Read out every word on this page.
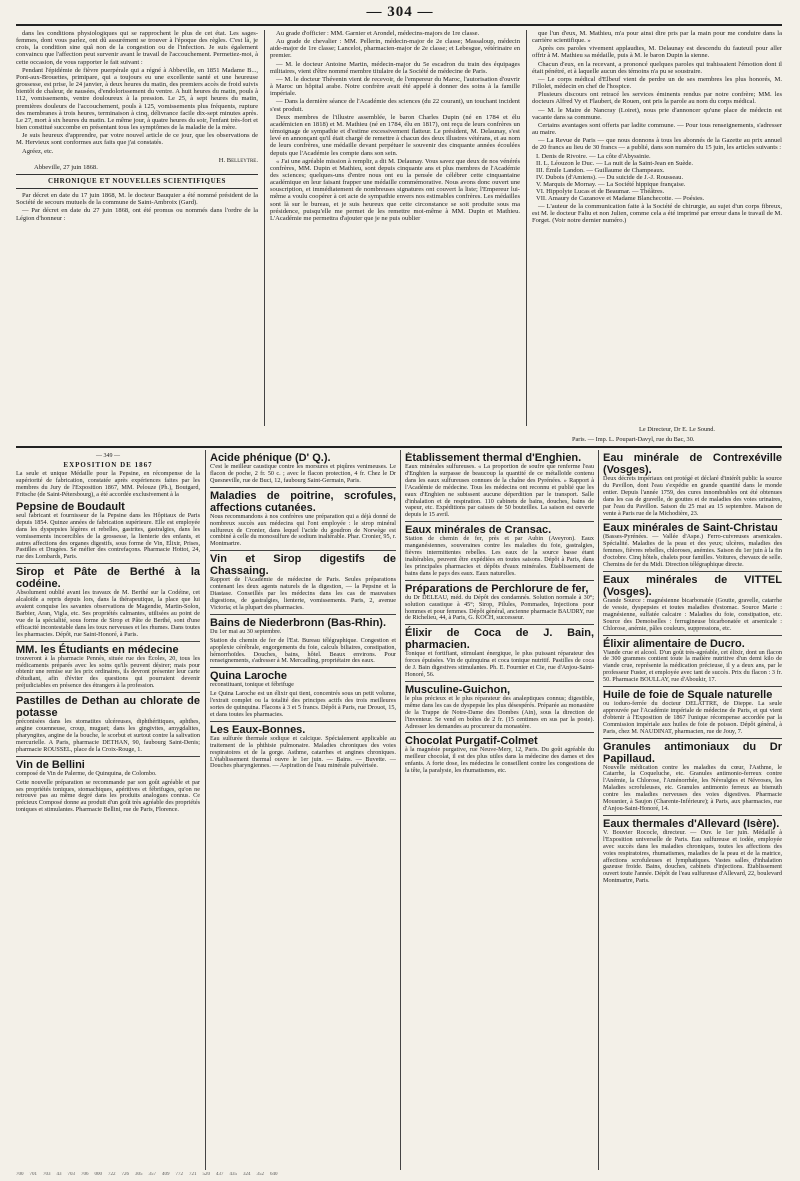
— 304 —

dans les conditions physiologiques qui se rapprochent le plus de cet état. Les sages-femmes, dont vous parlez, ont dû assurément se trouver à l'époque des règles. C'est là, je crois, la condition sine quâ non de la congestion ou de l'infection. Je suis également convaincu que l'affection peut survenir avant le travail de l'accouchement. Permettez-moi, à cette occasion, de vous rapporter le fait suivant :

Pendant l'épidémie de fièvre puerpérale qui a régné à Abbeville, en 1851 Madame B..., Pont-aux-Brouettes, primipare, qui a toujours eu une excellente santé et une heureuse grossesse, est prise, le 24 janvier, à deux heures du matin, des premiers accès de froid suivis bientôt de chaleur, de nausées, d'endolorissement du ventre. A huit heures du matin, pouls à 112, vomissements, ventre douloureux à la pression. Le 25, à sept heures du matin, premières douleurs de l'accouchement, pouls à 125, vomissements plus fréquents, rupture des membranes à trois heures, terminaison à cinq, délivrance facile dix-sept minutes après. Le 27, mort à six heures du matin. Le même jour, à quatre heures du soir, l'enfant très-fort et bien constitué succombe en présentant tous les symptômes de la maladie de la mère.

Je suis heureux d'apprendre, par votre nouvel article de ce jour, que les observations de M. Hervieux sont conformes aux faits que j'ai constatés.

Agréez, etc.

H. Belleytre.
Abbeville, 27 juin 1868.
CHRONIQUE ET NOUVELLES SCIENTIFIQUES

Par décret en date du 17 juin 1868, M. le docteur Bauquier a été nommé président de la Société de secours mutuels de la commune de Saint-Ambroix (Gard).

— Par décret en date du 27 juin 1868, ont été promus ou nommés dans l'ordre de la Légion d'honneur :

Au grade d'officier : MM. Garnier et Arondel, médecins-majors de 1re classe.

Au grade de chevalier : MM. Pellerin, médecin-major de 2e classe; Massaloup, médecin aide-major de 1re classe; Lancelot, pharmacien-major de 2e classe; et Lebesgue, vétérinaire en premier.

— M. le docteur Antoine Martin, médecin-major du 5e escadron du train des équipages militaires, vient d'être nommé membre titulaire de la Société de médecine de Paris.

— M. le docteur Thévenin vient de recevoir, de l'empereur du Maroc, l'autorisation d'ouvrir à Maroc un hôpital arabe. Notre confrère avait été appelé à donner des soins à la famille impériale.

— Dans la dernière séance de l'Académie des sciences (du 22 courant), un touchant incident s'est produit.

Deux membres de l'illustre assemblée, le baron Charles Dupin (né en 1784 et élu académicien en 1818) et M. Mathieu (né en 1784, élu en 1817), ont reçu de leurs confrères un témoignage de sympathie et d'estime excessivement flatteur. Le président, M. Delaunay, s'est levé en annonçant qu'il était chargé de remettre à chacun des deux illustres vétérans, et au nom de leurs confrères, une médaille devant perpétuer le souvenir des cinquante années écoulées depuis que l'Académie les compte dans son sein.

« J'ai une agréable mission à remplir, a dit M. Delaunay. Vous savez que deux de nos vénérés confrères, MM. Dupin et Mathieu, sont depuis cinquante ans et plus membres de l'Académie des sciences; quelques-uns d'entre nous ont eu la pensée de célébrer cette cinquantaine académique en leur faisant frapper une médaille commémorative. Nous avons donc ouvert une souscription, et immédiatement de nombreuses signatures ont couvert la liste; l'Empereur lui-même a voulu coopérer à cet acte de sympathie envers nos estimables confrères. Les médailles sont là sur le bureau, et je suis heureux que cette circonstance se soit produite sous ma présidence, puisqu'elle me permet de les remettre moi-même à MM. Dupin et Mathieu. L'Académie me permettra d'ajouter que je ne puis oublier

que l'un d'eux, M. Mathieu, m'a pour ainsi dire pris par la main pour me conduire dans la carrière scientifique. »

Après ces paroles vivement applaudies, M. Delaunay est descendu du fauteuil pour aller offrir à M. Mathieu sa médaille, puis à M. le baron Dupin la sienne.

Chacun d'eux, en la recevant, a prononcé quelques paroles qui trahissaient l'émotion dont il était pénétré, et à laquelle aucun des témoins n'a pu se soustraire.

— Le corps médical d'Elbeuf vient de perdre un de ses membres les plus honorés, M. Fillolet, médecin en chef de l'hospice.

Plusieurs discours ont retracé les services éminents rendus par notre confrère; MM. les docteurs Alfred Vy et Flaubert, de Rouen, ont pris la parole au nom du corps médical.

— M. le Maire de Nancray (Loiret), nous prie d'annoncer qu'une place de médecin est vacante dans sa commune.

Certains avantages sont offerts par ladite commune. — Pour tous renseignements, s'adresser au maire.

— La Revue de Paris — que nous donnons à tous les abonnés de la Gazette au prix annuel de 20 francs au lieu de 30 francs — a publié, dans son numéro du 15 juin, les articles suivants :

I. Denis de Rivoire. — La côte d'Abyssinie.
II. L. Léouzon le Duc. — La nuit de la Saint-Jean en Suède.
III. Émile Landon. — Guillaume de Champeaux.
IV. Dubois (d'Amiens). — Du suicide de J.-J. Rousseau.
V. Marquis de Mornay. — La Société hippique française.
VI. Hippolyte Lucas et de Beaumar. — Théâtres.
VII. Amaury de Cazanove et Madame Blanchecotte. — Poésies.

— L'auteur de la communication faite à la Société de chirurgie, au sujet d'un corps fibreux, est M. le docteur Faliu et non Julien, comme cela a été imprimé par erreur dans le travail de M. Forget. (Voir notre dernier numéro.)

Le Directeur, Dr E. Le Sound.
Paris. — Imp. L. Poupart-Davyl, rue du Bac, 30.
— 349 —
EXPOSITION DE 1867
La seule et unique Médaille pour la Pepsine, en récompense de la supériorité de fabrication, constatée après expériences faites par les membres du Jury de l'Exposition 1867, MM. Pelouze (Ph.), Boutgard, Fritsche (de Saint-Pétersbourg), a été accordée exclusivement à la
Pepsine de Boudault
seul fabricant et fournisseur de la Pepsine dans les Hôpitaux de Paris depuis 1854. Quinze années de fabrication supérieure. Elle est employée dans les dyspepsies légères et rebelles, gastrites, gastralgies, dans les vomissements incoercibles de la grossesse, la lienterie des enfants, et autres affections des organes digestifs, sous forme de Vin, Elixir, Prises, Pastilles et Dragées. Se méfier des contrefaçons. Pharmacie Hottot, 24, rue des Lombards, Paris.
Sirop et Pâte de Berthé à la codéine.
Absolument oublié avant les travaux de M. Berthé sur la Codéine, cet alcaloïde a repris depuis lors, dans la thérapeutique, la place que lui avaient conquise les savantes observations de Magendie, Martin-Solon, Barbier, Aran, Vigla, etc. Ses propriétés calmantes, utilisées au point de vue de la spécialité, sous forme de Sirop et Pâte de Berthé, sont d'une efficacité incontestable dans les toux nerveuses et les rhumes. Dans toutes les pharmacies. Dépôt, rue Saint-Honoré, à Paris.
MM. les Étudiants en médecine
trouveront à la pharmacie Pennès, située rue des Écoles, 20, tous les médicaments préparés avec les soins qu'ils peuvent désirer; mais pour obtenir une remise sur les prix ordinaires, ils devront présenter leur carte d'étudiant, afin d'éviter des questions qui pourraient devenir préjudiciables en présence des étrangers à la profession.
Pastilles de Dethan au chlorate de potasse
préconisées dans les stomatites ulcéreuses, diphthéritiques, aphthes, angine couenneuse, croup, muguet; dans les gingivites, amygdalites, pharyngites, angine de la bouche, le scorbut et surtout contre la salivation mercurielle. A Paris, pharmacie DETHAN, 90, faubourg Saint-Denis; pharmacie ROUSSEL, place de la Croix-Rouge, 1.
Vin de Bellini
composé de Vin de Palerme, de Quinquina, de Colombo.
Cette nouvelle préparation se recommande par son goût agréable et par ses propriétés toniques, stomachiques, apéritives et fébrifuges, qu'on ne retrouve pas au même degré dans les produits analogues connus. Ce précieux Composé donne au produit d'un goût très agréable des propriétés toniques et stimulantes. Pharmacie Bellini, rue de Paris, Florence.
Acide phénique (D' Q.).
C'est le meilleur caustique contre les morsures et piqûres venimeuses. Le flacon de poche, 2 fr. 50 c. ; avec le flacon protection, 4 fr. Chez le Dr Quesneville, rue de Buci, 12, faubourg Saint-Germain, Paris.
Maladies de poitrine, scrofules, affections cutanées.
Nous recommandons à nos confrères une préparation qui a déjà donné de nombreux succès aux médecins qui l'ont employée : le sirop minéral sulfureux de Cronier, dans lequel l'acide du goudron de Norwège est combiné à celle du monosulfure de sodium inaltérable. Phar. Cronier, 95, r. Montmartre.
Vin et Sirop digestifs de Chassaing.
Rapport de l'Académie de médecine de Paris. Seules préparations contenant les deux agents naturels de la digestion, — la Pepsine et la Diastase. Conseillés par les médecins dans les cas de mauvaises digestions, de gastralgies, lienterie, vomissements. Paris, 2, avenue Victoria; et la plupart des pharmacies.
Bains de Niederbronn (Bas-Rhin).
Du 1er mai au 30 septembre.
Station du chemin de fer de l'Est. Bureau télégraphique. Congestion et apoplexie cérébrale, engorgements du foie, calculs biliaires, constipation, hémorrhoïdes. Douches, bains, hôtel. Beaux environs. Pour renseignements, s'adresser à M. Mercadling, propriétaire des eaux.
Quina Laroche
reconstituant, tonique et fébrifuge
Le Quina Laroche est un élixir qui tient, concentrés sous un petit volume, l'extrait complet ou la totalité des principes actifs des trois meilleures sortes de quinquina. Flacons à 3 et 5 francs. Dépôt à Paris, rue Drouot, 15, et dans toutes les pharmacies.
Les Eaux-Bonnes.
Eau sulfurée thermale sodique et calcique. Spécialement applicable au traitement de la phthisie pulmonaire. Maladies chroniques des voies respiratoires et de la gorge. Asthme, catarrhes et angines chroniques. L'établissement thermal ouvre le 1er juin. — Bains. — Buvette. — Douches pharyngiennes. — Aspiration de l'eau minérale pulvérisée.
Établissement thermal d'Enghien.
Eaux minérales sulfureuses. « La proportion de soufre que renferme l'eau d'Enghien la surpasse de beaucoup la quantité de ce métalloïde contenu dans les eaux sulfureuses connues de la chaîne des Pyrénées. » Rapport à l'Académie de médecine. Tous les médecins ont reconnu et publié que les eaux d'Enghien ne subissent aucune déperdition par le transport. Salle d'inhalation et de respiration. 110 cabinets de bains, douches, bains de vapeur, etc. Expéditions par caisses de 50 bouteilles. La saison est ouverte depuis le 15 avril.
Eaux minérales de Cransac.
Station de chemin de fer, près et par Aubin (Aveyron). Eaux manganésiennes, souveraines contre les maladies du foie, gastralgies, fièvres intermittentes rebelles. Les eaux de la source basse étant inaltérables, peuvent être expédiées en toutes saisons. Dépôt à Paris, dans les principales pharmacies et dépôts d'eaux minérales. Établissement de bains dans le pays des eaux. Eaux naturelles.
Préparations de Perchlorure de fer,
du Dr DELEAU, méd. du Dépôt des condamnés. Solution normale à 30°; solution caustique à 45°; Sirop, Pilules, Pommades, Injections pour hommes et pour femmes. Dépôt général, ancienne pharmacie BAUDRY, rue de Richelieu, 44, à Paris, G. KOCH, successeur.
Élixir de Coca de J. Bain, pharmacien.
Tonique et fortifiant, stimulant énergique, le plus puissant réparateur des forces épuisées. Vin de quinquina et coca tonique nutritif. Pastilles de coca de J. Bain digestives stimulantes. Ph. E. Fournier et Cie, rue d'Anjou-Saint-Honoré, 56.
Musculine-Guichon,
le plus précieux et le plus réparateur des analeptiques connus; digestible, même dans les cas de dyspepsie les plus désespérés. Préparée au monastère de la Trappe de Notre-Dame des Dombes (Ain), sous la direction de l'inventeur. Se vend en boîtes de 2 fr. (15 centimes en sus par la poste). Adresser les demandes au procureur du monastère.
Chocolat Purgatif-Colmet
à la magnésie purgative, rue Neuve-Mery, 12, Paris. Du goût agréable du meilleur chocolat, il est des plus utiles dans la médecine des dames et des enfants. A forte dose, les médecins le conseillent contre les congestions de la tête, la paralysie, les rhumatismes, etc.
Eau minérale de Contrexéville (Vosges).
Deux décrets impériaux ont protégé et déclaré d'intérêt public la source du Pavillon, dont l'eau s'expédie en grande quantité dans le monde entier. Depuis l'année 1759, des cures innombrables ont été obtenues dans les cas de gravelle, de gouttes et de maladies des voies urinaires, par l'eau du Pavillon. Saison du 25 mai au 15 septembre. Maison de vente à Paris rue de la Michodière, 23.
Eaux minérales de Saint-Christau
(Basses-Pyrénées. — Vallée d'Aspe.) Ferro-cuivreuses arsenicales. Spécialité. Maladies de la peau et des yeux; ulcères, maladies des femmes, fièvres rebelles, chloroses, anémies. Saison du 1er juin à la fin d'octobre. Cinq hôtels, chalets pour familles. Voitures, chevaux de selle. Chemins de fer du Midi. Direction télégraphique directe.
Eaux minérales de VITTEL (Vosges).
Grande Source : magnésienne bicarbonatée (Goutte, gravelle, catarrhe de vessie, dyspepsies et toutes maladies d'estomac. Source Marie : magnésienne, sulfatée calcaire : Maladies du foie, constipation, etc. Source des Demoiselles : ferrugineuse bicarbonatée et arsenicale : Chlorose, anémie, pâles couleurs, suppressions, etc.
Élixir alimentaire de Ducro.
Viande crue et alcool. D'un goût très-agréable, cet élixir, dont un flacon de 300 grammes contient toute la matière nutritive d'un demi kilo de viande crue, représente la médication précieuse, il y a deux ans, par le professeur Fuster, et employée avec tant de succès. Prix du flacon : 3 fr. 50. Pharmacie BOULLAY, rue d'Aboukir, 17.
Huile de foie de Squale naturelle
ou ioduro-ferrée du docteur DELATTRE, de Dieppe. La seule approuvée par l'Académie impériale de médecine de Paris, et qui vient d'obtenir à l'Exposition de 1867 l'unique récompense accordée par la Commission impériale aux huiles de foie de poisson. Dépôt général, à Paris, chez M. NAUDINAT, pharmacien, rue de Jouy, 7.
Granules antimoniaux du Dr Papillaud.
Nouvelle médication contre les maladies du cœur, l'Asthme, le Catarrhe, la Coqueluche, etc. Granules antimonio-ferreux contre l'Anémie, la Chlorose, l'Aménorrhée, les Névralgies et Névroses, les Maladies scrofuleuses, etc. Granules antimonio ferreux au bismuth contre les maladies nerveuses des voies digestives. Pharmacie Mousnier, à Saujon (Charente-Inférieure); à Paris, aux pharmacies, rue d'Anjou-Saint-Honoré, 14.
Eaux thermales d'Allevard (Isère).
V. Bouvier Rococle, directeur. — Ouv. le 1er juin. Médaille à l'Exposition universelle de Paris. Eau sulfureuse et iodée, employée avec succès dans les maladies chroniques, toutes les affections des voies respiratoires, rhumatismes, maladies de la peau et de la matrice, affections scrofuleuses et lymphatiques. Vastes salles d'inhalation gazeuse froide. Bains, douches, cabinets d'injections. Établissement ouvert toute l'année. Dépôt de l'eau sulfureuse d'Allevard, 22, boulevard Montmartre, Paris.
700 701 703 43 703 706 000 722 726 305 357 409 772 721 520 437 435 324 352 640
